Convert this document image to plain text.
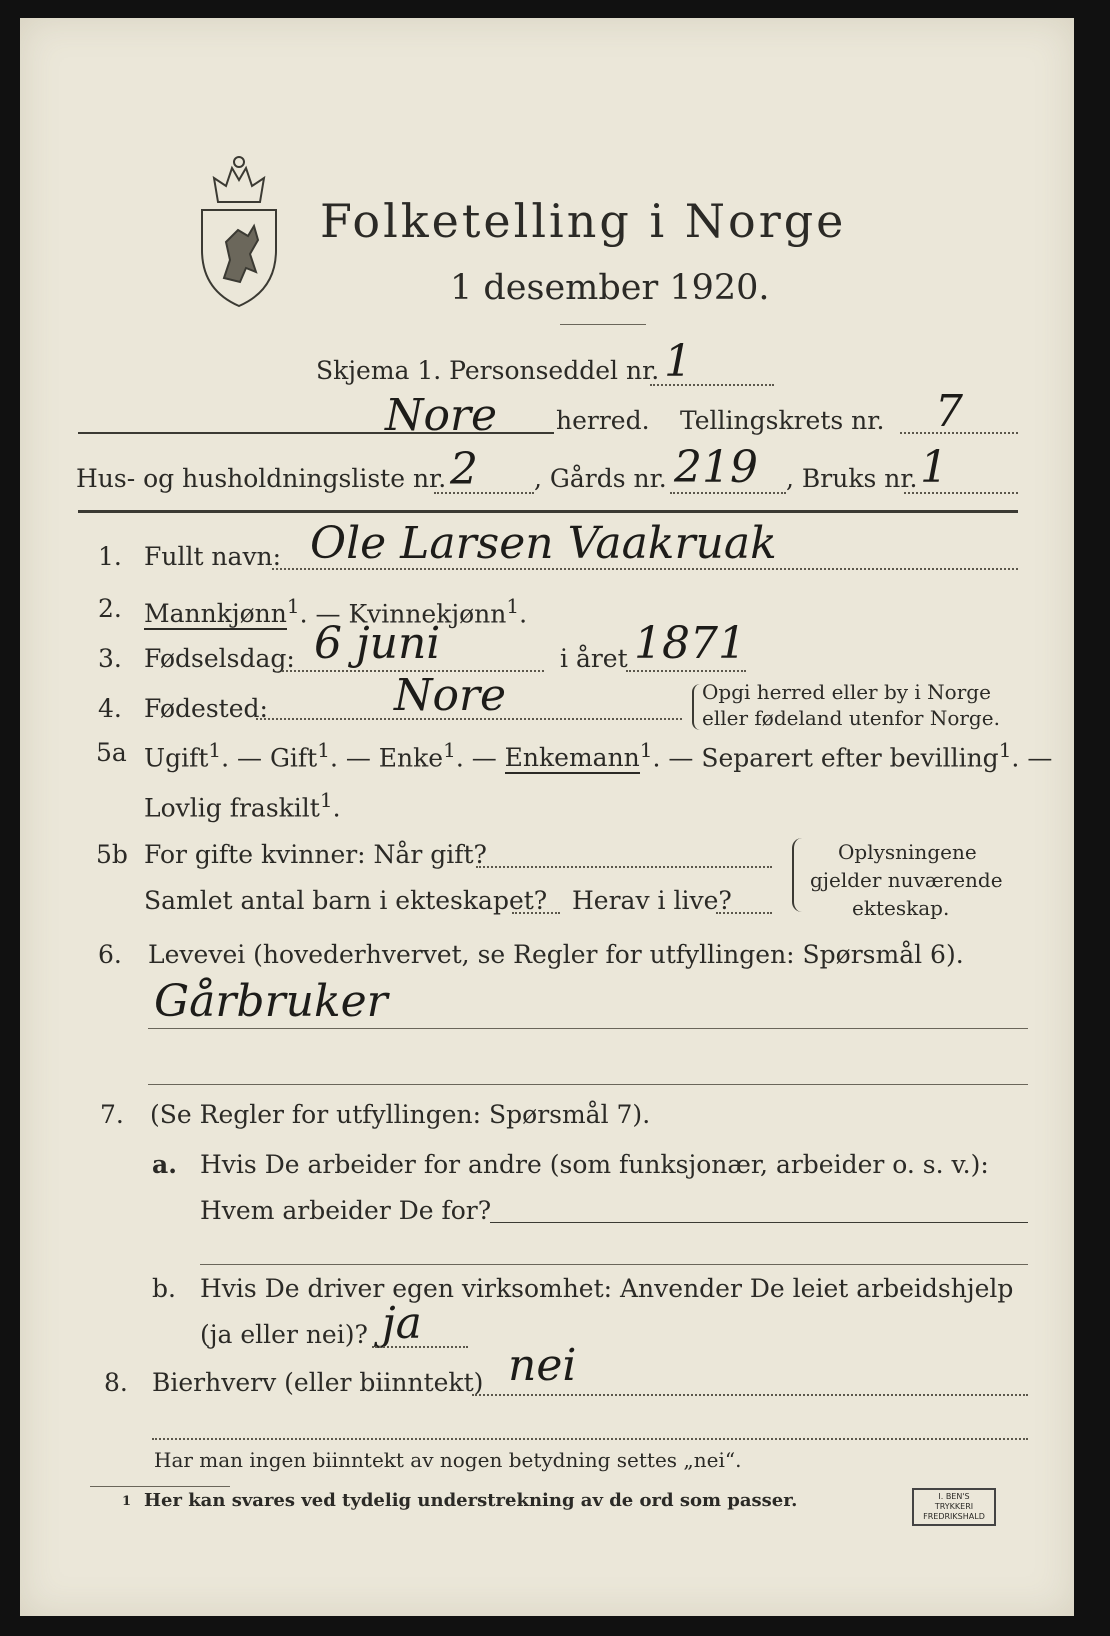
Folketelling i Norge
1 desember 1920.
Skjema 1. Personseddel nr. 1
Nore herred. Tellingskrets nr. 7
Hus- og husholdningsliste nr. 2 , Gårds nr. 219 , Bruks nr. 1
1. Fullt navn: Ole Larsen Vaakruak
2. Mannkjønn$^1$. — Kvinnekjønn$^1$.
3. Fødselsdag: 6 juni	i året 1871
4. Fødested:	Nore	Opgi herred eller by i Norge
eller fødeland utenfor Norge.
5a Ugift$^1$. — Gift$^1$. — Enke$^1$. — Enkemann$^1$. — Separert efter bevilling$^1$. —
Lovlig fraskilt$^1$.
5b For gifte kvinner: Når gift?
Samlet antal barn i ekteskapet? Herav i live?
Oplysningene
gjelder nuværende
ekteskap.
6. Levevei (hovederhvervet, se Regler for utfyllingen: Spørsmål 6).
Gårbruker
7. (Se Regler for utfyllingen: Spørsmål 7).
a. Hvis De arbeider for andre (som funksjonær, arbeider o. s. v.):
Hvem arbeider De for?
b. Hvis De driver egen virksomhet: Anvender De leiet arbeidshjelp
(ja eller nei)? ja
8. Bierhverv (eller biinntekt) nei
Har man ingen biinntekt av nogen betydning settes „nei“.
1 Her kan svares ved tydelig understrekning av de ord som passer.	I. BEN'S TRYKKERI
FREDRIKSHALD
